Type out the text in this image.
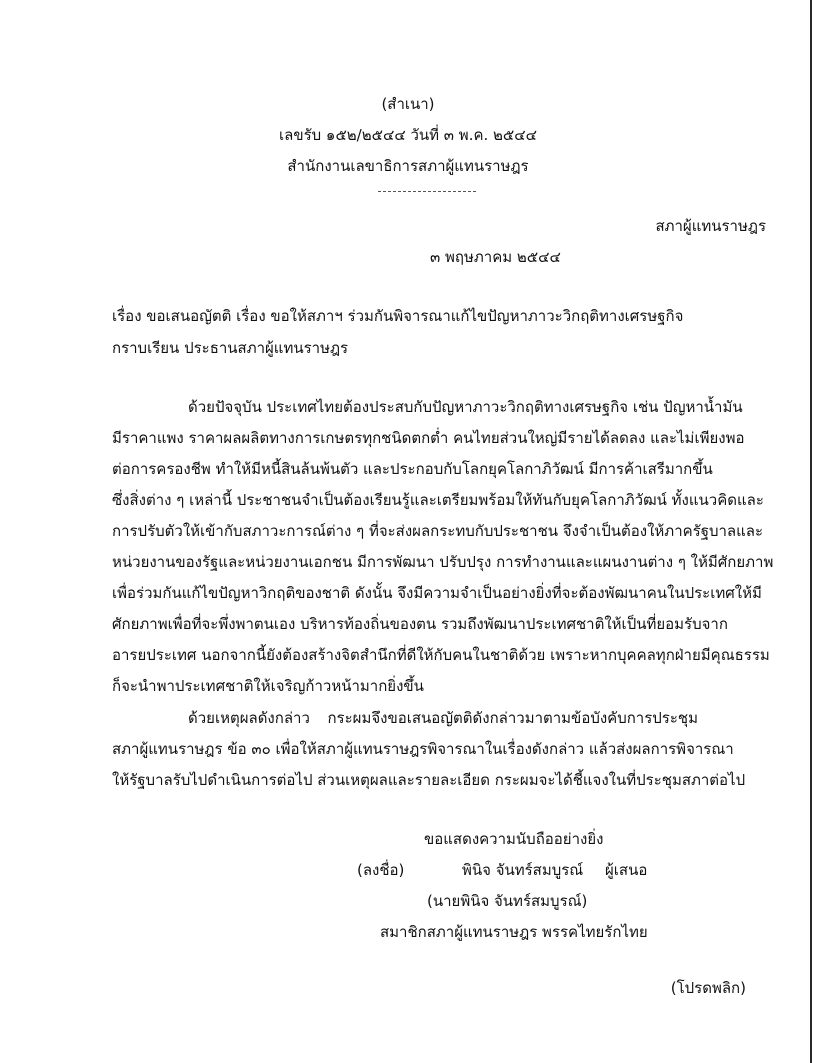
(สำเนา)
เลขรับ ๑๕๒/๒๕๔๔ วันที่ ๓ พ.ค. ๒๕๔๔
สำนักงานเลขาธิการสภาผู้แทนราษฎร
สภาผู้แทนราษฎร
๓ พฤษภาคม ๒๕๔๔
เรื่อง ขอเสนอญัตติ เรื่อง ขอให้สภาฯ ร่วมกันพิจารณาแก้ไขปัญหาภาวะวิกฤติทางเศรษฐกิจ
กราบเรียน ประธานสภาผู้แทนราษฎร
ด้วยปัจจุบัน ประเทศไทยต้องประสบกับปัญหาภาวะวิกฤติทางเศรษฐกิจ เช่น ปัญหาน้ำมัน
มีราคาแพง ราคาผลผลิตทางการเกษตรทุกชนิดตกต่ำ คนไทยส่วนใหญ่มีรายได้ลดลง และไม่เพียงพอ
ต่อการครองชีพ ทำให้มีหนี้สินล้นพ้นตัว และประกอบกับโลกยุคโลกาภิวัฒน์ มีการค้าเสรีมากขึ้น
ซึ่งสิ่งต่าง ๆ เหล่านี้ ประชาชนจำเป็นต้องเรียนรู้และเตรียมพร้อมให้ทันกับยุคโลกาภิวัฒน์ ทั้งแนวคิดและ
การปรับตัวให้เข้ากับสภาวะการณ์ต่าง ๆ ที่จะส่งผลกระทบกับประชาชน จึงจำเป็นต้องให้ภาครัฐบาลและ
หน่วยงานของรัฐและหน่วยงานเอกชน มีการพัฒนา ปรับปรุง การทำงานและแผนงานต่าง ๆ ให้มีศักยภาพ
เพื่อร่วมกันแก้ไขปัญหาวิกฤติของชาติ ดังนั้น จึงมีความจำเป็นอย่างยิ่งที่จะต้องพัฒนาคนในประเทศให้มี
ศักยภาพเพื่อที่จะพึ่งพาตนเอง บริหารท้องถิ่นของตน รวมถึงพัฒนาประเทศชาติให้เป็นที่ยอมรับจาก
อารยประเทศ นอกจากนี้ยังต้องสร้างจิตสำนึกที่ดีให้กับคนในชาติด้วย เพราะหากบุคคลทุกฝ่ายมีคุณธรรม
ก็จะนำพาประเทศชาติให้เจริญก้าวหน้ามากยิ่งขึ้น
ด้วยเหตุผลดังกล่าว กระผมจึงขอเสนอญัตติดังกล่าวมาตามข้อบังคับการประชุม
สภาผู้แทนราษฎร ข้อ ๓๐ เพื่อให้สภาผู้แทนราษฎรพิจารณาในเรื่องดังกล่าว แล้วส่งผลการพิจารณา
ให้รัฐบาลรับไปดำเนินการต่อไป ส่วนเหตุผลและรายละเอียด กระผมจะได้ชี้แจงในที่ประชุมสภาต่อไป
ขอแสดงความนับถืออย่างยิ่ง
(ลงชื่อ)	พินิจ จันทร์สมบูรณ์ ผู้เสนอ
(นายพินิจ จันทร์สมบูรณ์)
สมาชิกสภาผู้แทนราษฎร พรรคไทยรักไทย
(โปรดพลิก)
